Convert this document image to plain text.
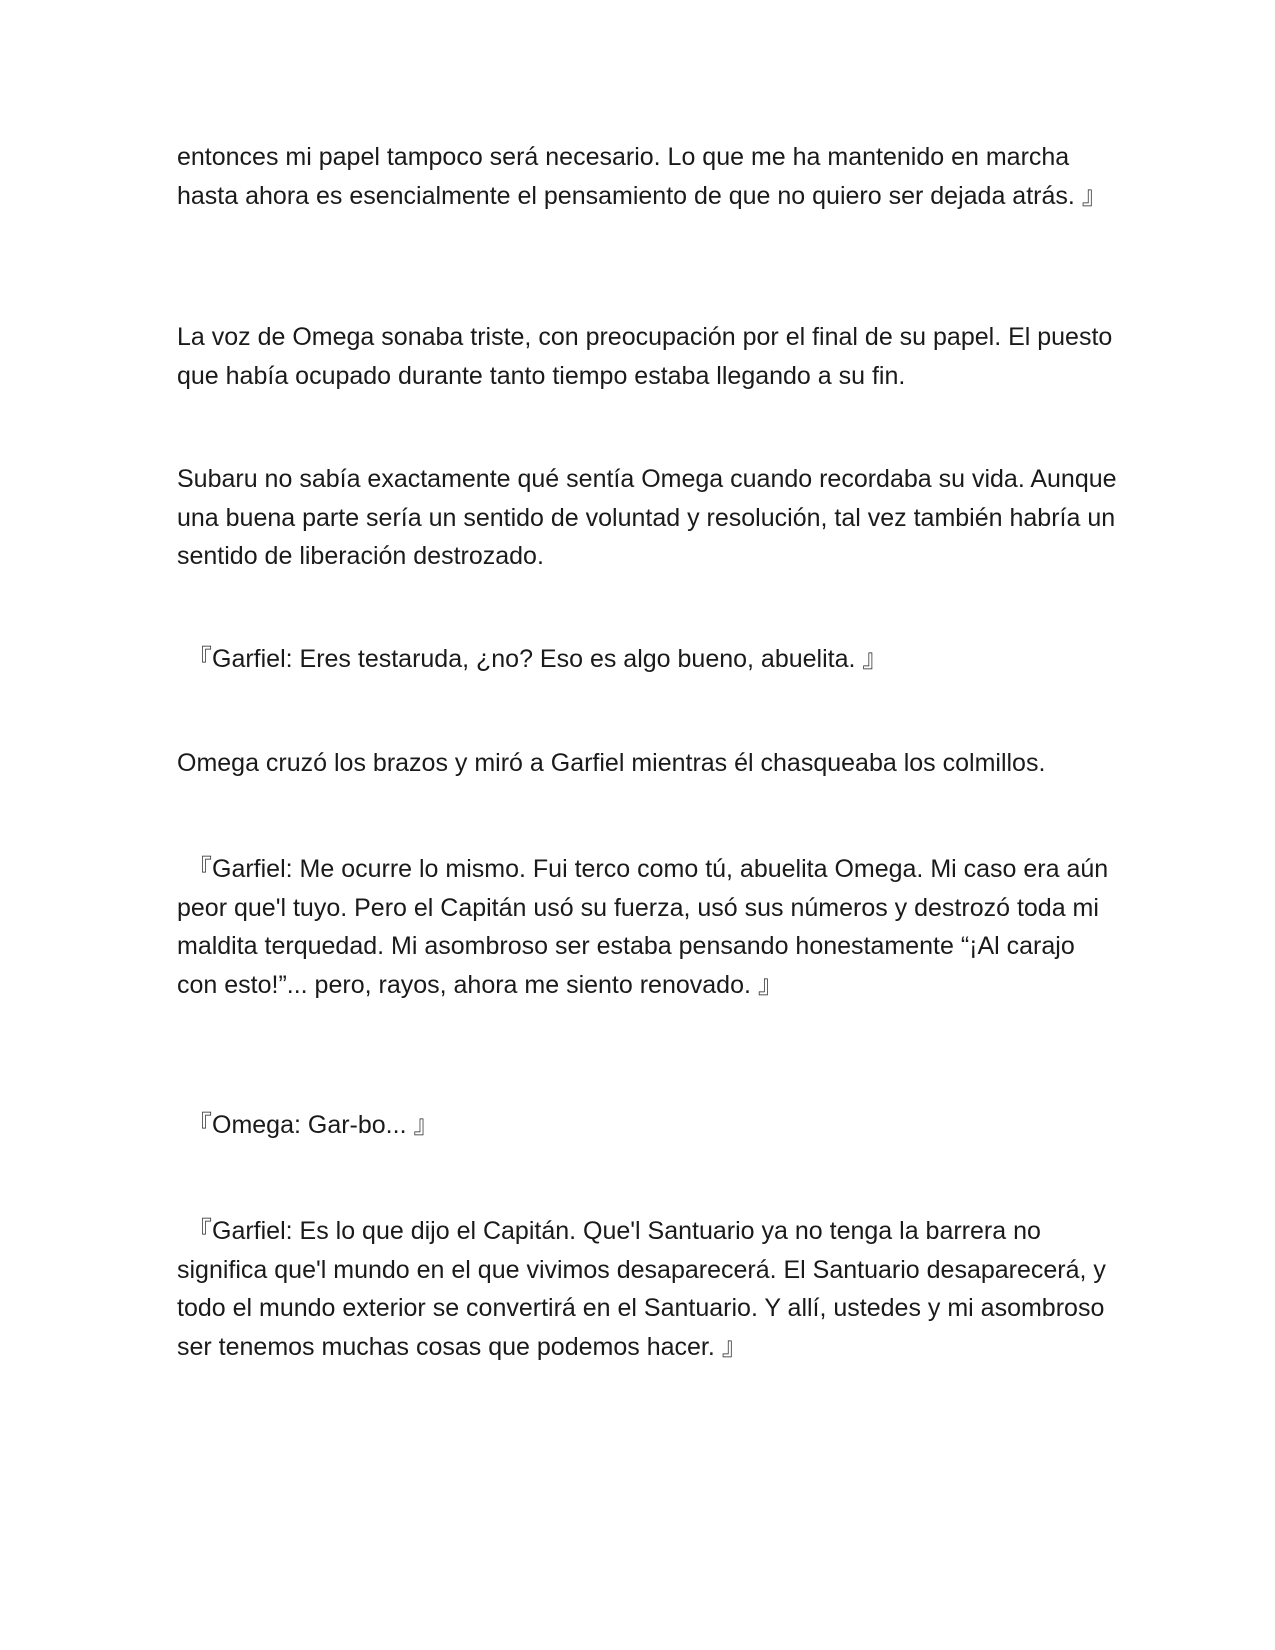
entonces mi papel tampoco será necesario. Lo que me ha mantenido en marcha hasta ahora es esencialmente el pensamiento de que no quiero ser dejada atrás. 』

La voz de Omega sonaba triste, con preocupación por el final de su papel. El puesto que había ocupado durante tanto tiempo estaba llegando a su fin.

Subaru no sabía exactamente qué sentía Omega cuando recordaba su vida. Aunque una buena parte sería un sentido de voluntad y resolución, tal vez también habría un sentido de liberación destrozado.

『Garfiel: Eres testaruda, ¿no? Eso es algo bueno, abuelita. 』

Omega cruzó los brazos y miró a Garfiel mientras él chasqueaba los colmillos.

『Garfiel: Me ocurre lo mismo. Fui terco como tú, abuelita Omega. Mi caso era aún peor que'l tuyo. Pero el Capitán usó su fuerza, usó sus números y destrozó toda mi maldita terquedad. Mi asombroso ser estaba pensando honestamente “¡Al carajo con esto!”... pero, rayos, ahora me siento renovado. 』

『Omega: Gar-bo... 』

『Garfiel: Es lo que dijo el Capitán. Que'l Santuario ya no tenga la barrera no significa que'l mundo en el que vivimos desaparecerá. El Santuario desaparecerá, y todo el mundo exterior se convertirá en el Santuario. Y allí, ustedes y mi asombroso ser tenemos muchas cosas que podemos hacer. 』
